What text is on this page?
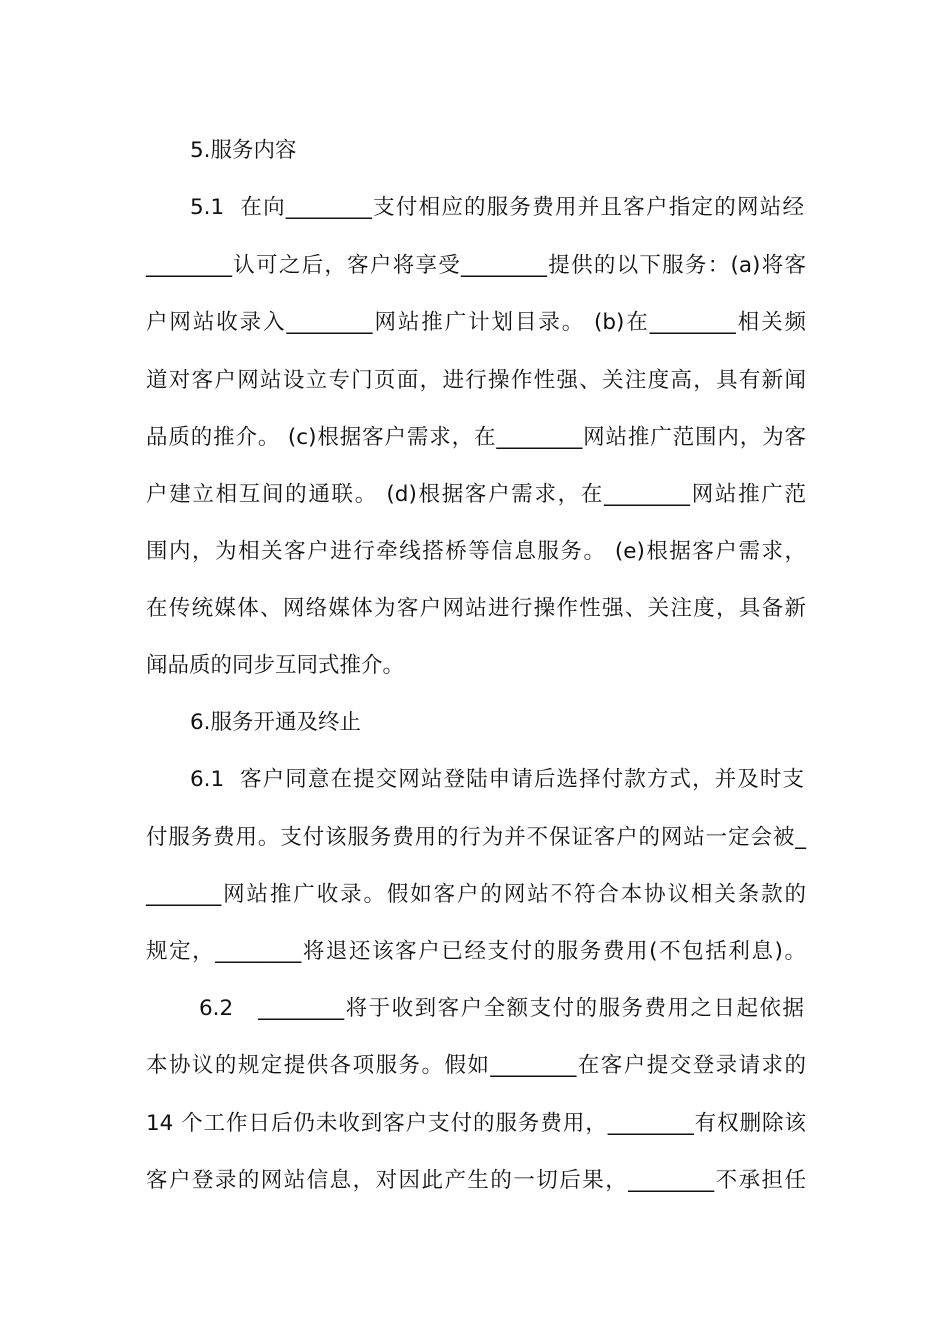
5.服务内容
5.1  在向________支付相应的服务费用并且客户指定的网站经
________认可之后，客户将享受________提供的以下服务：(a)将客
户网站收录入________网站推广计划目录。 (b)在________相关频
道对客户网站设立专门页面，进行操作性强、关注度高，具有新闻
品质的推介。 (c)根据客户需求，在________网站推广范围内，为客
户建立相互间的通联。 (d)根据客户需求，在________网站推广范
围内，为相关客户进行牵线搭桥等信息服务。 (e)根据客户需求，
在传统媒体、网络媒体为客户网站进行操作性强、关注度，具备新
闻品质的同步互同式推介。
6.服务开通及终止
6.1  客户同意在提交网站登陆申请后选择付款方式，并及时支
付服务费用。支付该服务费用的行为并不保证客户的网站一定会被_
_______网站推广收录。假如客户的网站不符合本协议相关条款的
规定，________将退还该客户已经支付的服务费用(不包括利息)。
6.2   ________将于收到客户全额支付的服务费用之日起依据
本协议的规定提供各项服务。假如________在客户提交登录请求的
14 个工作日后仍未收到客户支付的服务费用，________有权删除该
客户登录的网站信息，对因此产生的一切后果，________不承担任
